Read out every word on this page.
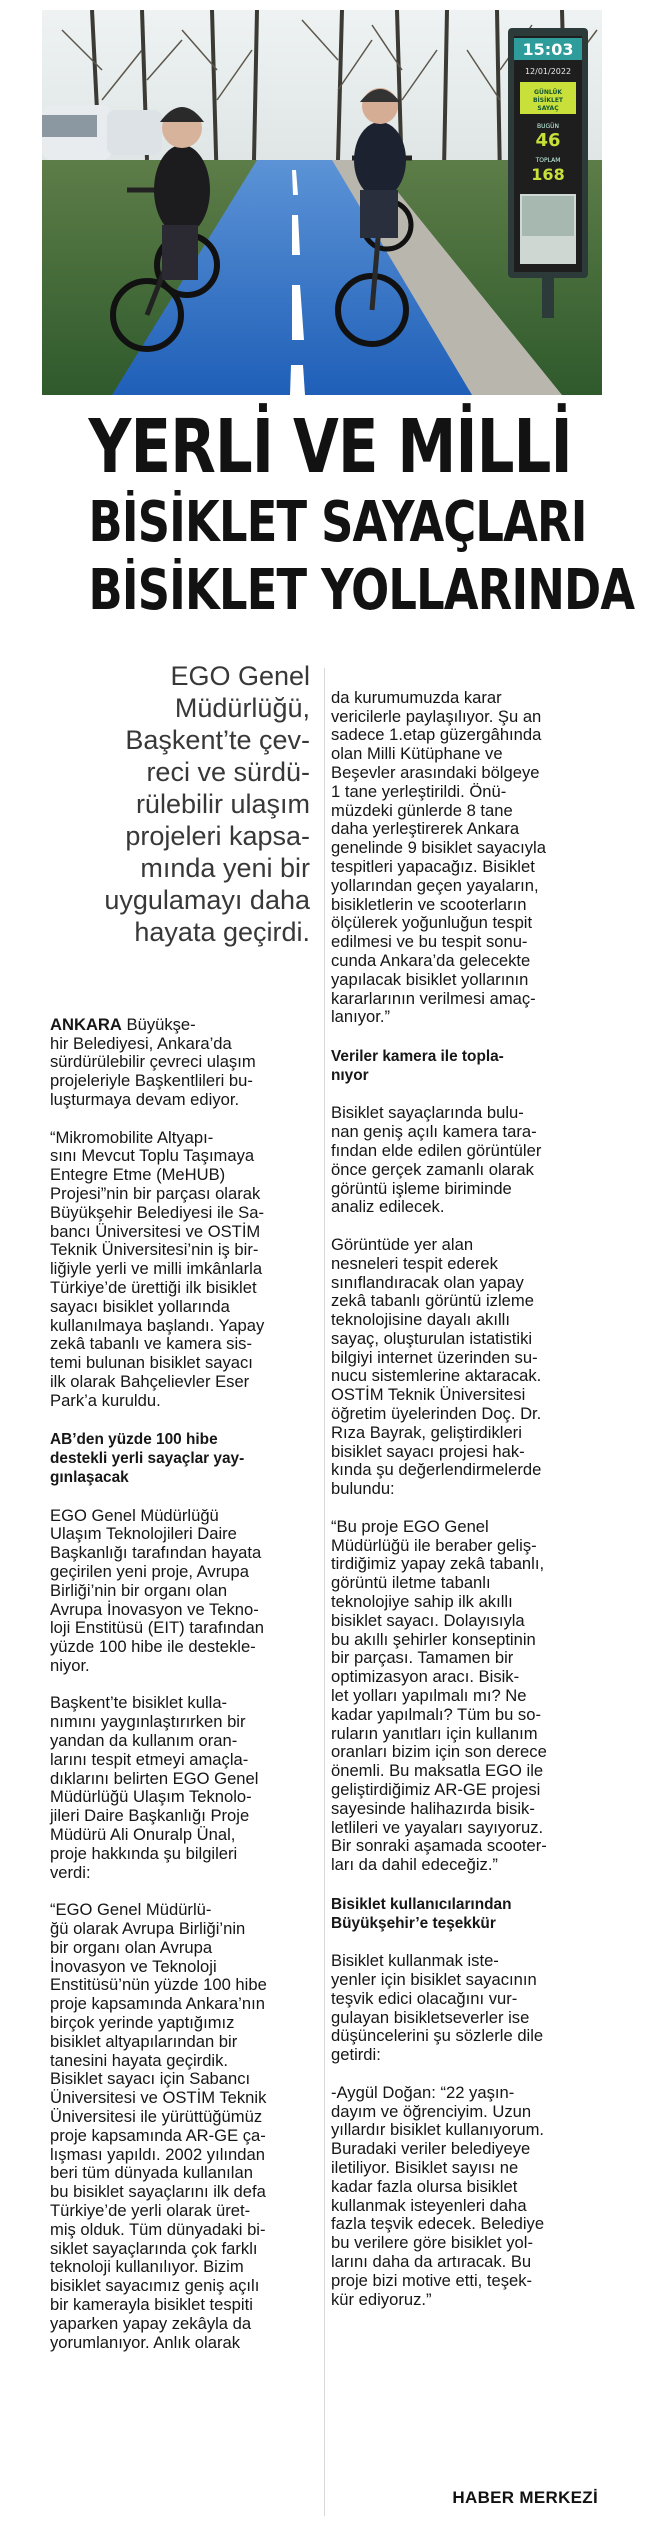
15:03
12/01/2022
GÜNLÜK
BİSİKLET
SAYAÇ
BUGÜN
46
TOPLAM
168
YERLİ VE MİLLİ
BİSİKLET SAYAÇLARI
BİSİKLET YOLLARINDA
EGO Genel
Müdürlüğü,
Başkent’te çev-
reci ve sürdü-
rülebilir ulaşım
projeleri kapsa-
mında yeni bir
uygulamayı daha
hayata geçirdi.

ANKARA Büyükşe-
hir Belediyesi, Ankara’da
sürdürülebilir çevreci ulaşım
projeleriyle Başkentlileri bu-
luşturmaya devam ediyor.

“Mikromobilite Altyapı-
sını Mevcut Toplu Taşımaya
Entegre Etme (MeHUB)
Projesi”nin bir parçası olarak
Büyükşehir Belediyesi ile Sa-
bancı Üniversitesi ve OSTİM
Teknik Üniversitesi’nin iş bir-
liğiyle yerli ve milli imkânlarla
Türkiye’de ürettiği ilk bisiklet
sayacı bisiklet yollarında
kullanılmaya başlandı. Yapay
zekâ tabanlı ve kamera sis-
temi bulunan bisiklet sayacı
ilk olarak Bahçelievler Eser
Park’a kuruldu.

AB’den yüzde 100 hibe
destekli yerli sayaçlar yay-
gınlaşacak

EGO Genel Müdürlüğü
Ulaşım Teknolojileri Daire
Başkanlığı tarafından hayata
geçirilen yeni proje, Avrupa
Birliği’nin bir organı olan
Avrupa İnovasyon ve Tekno-
loji Enstitüsü (EIT) tarafından
yüzde 100 hibe ile destekle-
niyor.

Başkent’te bisiklet kulla-
nımını yaygınlaştırırken bir
yandan da kullanım oran-
larını tespit etmeyi amaçla-
dıklarını belirten EGO Genel
Müdürlüğü Ulaşım Teknolo-
jileri Daire Başkanlığı Proje
Müdürü Ali Onuralp Ünal,
proje hakkında şu bilgileri
verdi:

“EGO Genel Müdürlü-
ğü olarak Avrupa Birliği’nin
bir organı olan Avrupa
İnovasyon ve Teknoloji
Enstitüsü’nün yüzde 100 hibe
proje kapsamında Ankara’nın
birçok yerinde yaptığımız
bisiklet altyapılarından bir
tanesini hayata geçirdik.
Bisiklet sayacı için Sabancı
Üniversitesi ve OSTİM Teknik
Üniversitesi ile yürüttüğümüz
proje kapsamında AR-GE ça-
lışması yapıldı. 2002 yılından
beri tüm dünyada kullanılan
bu bisiklet sayaçlarını ilk defa
Türkiye’de yerli olarak üret-
miş olduk. Tüm dünyadaki bi-
siklet sayaçlarında çok farklı
teknoloji kullanılıyor. Bizim
bisiklet sayacımız geniş açılı
bir kamerayla bisiklet tespiti
yaparken yapay zekâyla da
yorumlanıyor. Anlık olarak

da kurumumuzda karar
vericilerle paylaşılıyor. Şu an
sadece 1.etap güzergâhında
olan Milli Kütüphane ve
Beşevler arasındaki bölgeye
1 tane yerleştirildi. Önü-
müzdeki günlerde 8 tane
daha yerleştirerek Ankara
genelinde 9 bisiklet sayacıyla
tespitleri yapacağız. Bisiklet
yollarından geçen yayaların,
bisikletlerin ve scooterların
ölçülerek yoğunluğun tespit
edilmesi ve bu tespit sonu-
cunda Ankara’da gelecekte
yapılacak bisiklet yollarının
kararlarının verilmesi amaç-
lanıyor.”

Veriler kamera ile topla-
nıyor

Bisiklet sayaçlarında bulu-
nan geniş açılı kamera tara-
fından elde edilen görüntüler
önce gerçek zamanlı olarak
görüntü işleme biriminde
analiz edilecek.

Görüntüde yer alan
nesneleri tespit ederek
sınıflandıracak olan yapay
zekâ tabanlı görüntü izleme
teknolojisine dayalı akıllı
sayaç, oluşturulan istatistiki
bilgiyi internet üzerinden su-
nucu sistemlerine aktaracak.
OSTİM Teknik Üniversitesi
öğretim üyelerinden Doç. Dr.
Rıza Bayrak, geliştirdikleri
bisiklet sayacı projesi hak-
kında şu değerlendirmelerde
bulundu:

“Bu proje EGO Genel
Müdürlüğü ile beraber geliş-
tirdiğimiz yapay zekâ tabanlı,
görüntü iletme tabanlı
teknolojiye sahip ilk akıllı
bisiklet sayacı. Dolayısıyla
bu akıllı şehirler konseptinin
bir parçası. Tamamen bir
optimizasyon aracı. Bisik-
let yolları yapılmalı mı? Ne
kadar yapılmalı? Tüm bu so-
ruların yanıtları için kullanım
oranları bizim için son derece
önemli. Bu maksatla EGO ile
geliştirdiğimiz AR-GE projesi
sayesinde halihazırda bisik-
letlileri ve yayaları sayıyoruz.
Bir sonraki aşamada scooter-
ları da dahil edeceğiz.”

Bisiklet kullanıcılarından
Büyükşehir’e teşekkür

Bisiklet kullanmak iste-
yenler için bisiklet sayacının
teşvik edici olacağını vur-
gulayan bisikletseverler ise
düşüncelerini şu sözlerle dile
getirdi:

-Aygül Doğan: “22 yaşın-
dayım ve öğrenciyim. Uzun
yıllardır bisiklet kullanıyorum.
Buradaki veriler belediyeye
iletiliyor. Bisiklet sayısı ne
kadar fazla olursa bisiklet
kullanmak isteyenleri daha
fazla teşvik edecek. Belediye
bu verilere göre bisiklet yol-
larını daha da artıracak. Bu
proje bizi motive etti, teşek-
kür ediyoruz.”

HABER MERKEZİ
